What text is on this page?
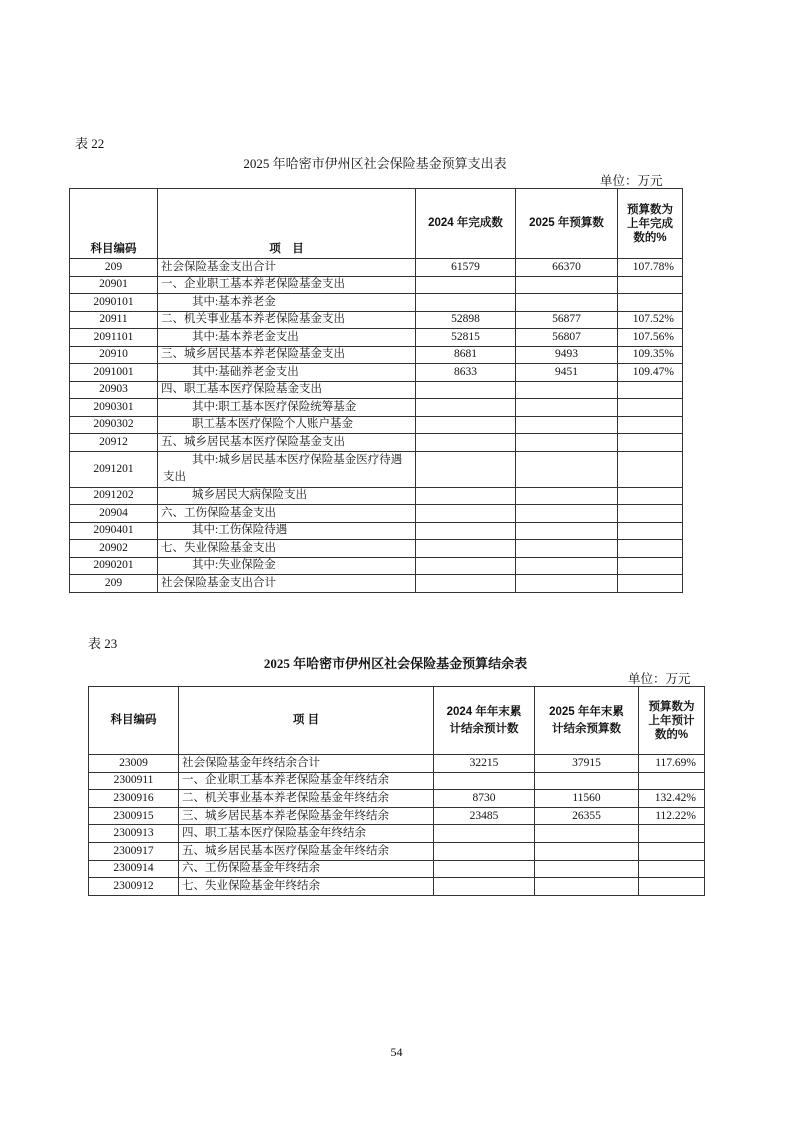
表 22
2025 年哈密市伊州区社会保险基金预算支出表
单位：万元
科目编码	项　目	2024 年完成数	2025 年预算数	预算数为上年完成数的%
209	社会保险基金支出合计	61579	66370	107.78%
20901	一、企业职工基本养老保险基金支出			
2090101	其中:基本养老金			
20911	二、机关事业基本养老保险基金支出	52898	56877	107.52%
2091101	其中:基本养老金支出	52815	56807	107.56%
20910	三、城乡居民基本养老保险基金支出	8681	9493	109.35%
2091001	其中:基础养老金支出	8633	9451	109.47%
20903	四、职工基本医疗保险基金支出			
2090301	其中:职工基本医疗保险统筹基金			
2090302	职工基本医疗保险个人账户基金			
20912	五、城乡居民基本医疗保险基金支出			
2091201	其中:城乡居民基本医疗保险基金医疗待遇支出			
2091202	城乡居民大病保险支出			
20904	六、工伤保险基金支出			
2090401	其中:工伤保险待遇			
20902	七、失业保险基金支出			
2090201	其中:失业保险金			
209	社会保险基金支出合计			
表 23
2025 年哈密市伊州区社会保险基金预算结余表
单位：万元
科目编码	项 目	2024 年年末累计结余预计数	2025 年年末累计结余预算数	预算数为上年预计数的%
23009	社会保险基金年终结余合计	32215	37915	117.69%
2300911	一、企业职工基本养老保险基金年终结余			
2300916	二、机关事业基本养老保险基金年终结余	8730	11560	132.42%
2300915	三、城乡居民基本养老保险基金年终结余	23485	26355	112.22%
2300913	四、职工基本医疗保险基金年终结余			
2300917	五、城乡居民基本医疗保险基金年终结余			
2300914	六、工伤保险基金年终结余			
2300912	七、失业保险基金年终结余			
54
